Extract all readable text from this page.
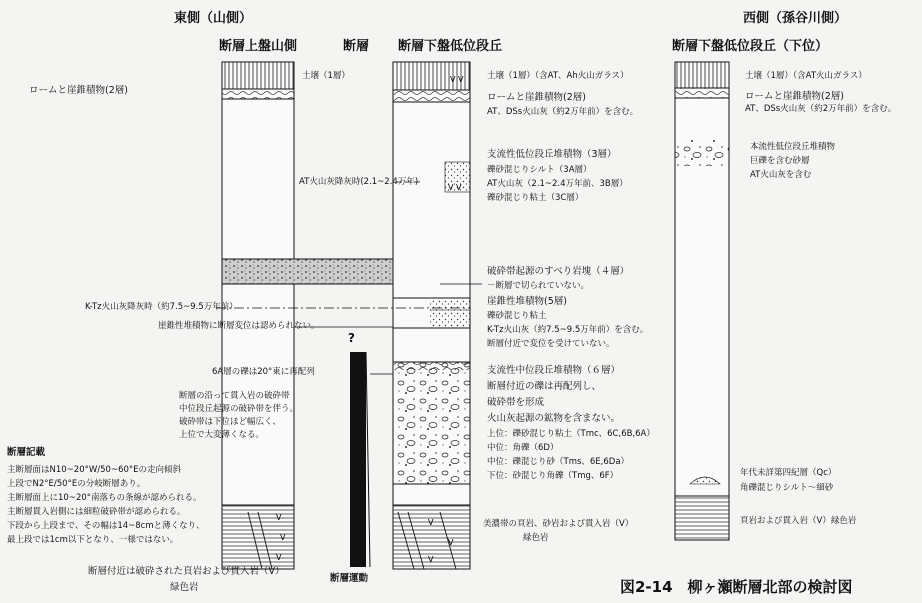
V
V
V
V V
V V
V
V
V
東側（山側）	西側（孫谷川側）
断層上盤山側	断層 断層下盤低位段丘	断層下盤低位段丘（下位）
ロームと崖錐積物(2層)
土壌（1層）
AT火山灰降灰時(2.1~2.4万年)
K-Tz火山灰降灰時（約7.5~9.5万年前）
崖錐性堆積物に断層変位は認められない。
?
6A層の礫は20°東に再配列
断層の沿って貫入岩の破砕帯
中位段丘起源の破砕帯を伴う。
破砕帯は下位ほど幅広く、
上位で大変薄くなる。
断層記載
主断層面はN10~20°W/50~60°Eの走向傾斜
上段でN2°E/50°Eの分岐断層あり。
主断層面上に10~20°南落ちの条線が認められる。
主断層貫入岩側には細粒破砕帯が認められる。
下段から上段まで、その幅は14~8cmと薄くなり、
最上段では1cm以下となり、一様ではない。
断層付近は破砕された頁岩および貫入岩（V）
緑色岩
断層運動
土壌（1層）（含AT、Ah火山ガラス）
ロームと崖錐積物(2層)
AT、DSs火山灰（約2万年前）を含む。
支流性低位段丘堆積物（3層）
礫砂混じりシルト（3A層）
AT火山灰（2.1~2.4万年前、3B層）
礫砂混じり粘土（3C層）
破砕帯起源のすべり岩塊（４層）
－断層で切られていない。
崖錐性堆積物(5層)
礫砂混じり粘土
K-Tz火山灰（約7.5~9.5万年前）を含む。
断層付近で変位を受けていない。
支流性中位段丘堆積物（６層）
断層付近の礫は再配列し、
破砕帯を形成
火山灰起源の鉱物を含まない。
上位：礫砂混じり粘土（Tmc、6C,6B,6A）
中位：角礫（6D）
中位：礫混じり砂（Tms、6E,6Da）
下位：砂混じり角礫（Tmg、6F）
美濃帯の頁岩、砂岩および貫入岩（V）
緑色岩
土壌（1層）（含AT火山ガラス）
ロームと崖錐積物(2層)
AT、DSs火山灰（約2万年前）を含む。
本流性低位段丘堆積物
巨礫を含む砂層
AT火山灰を含む
年代未詳第四紀層（Qc）
角礫混じりシルト～細砂
頁岩および貫入岩（V）緑色岩
図2-14　柳ヶ瀬断層北部の検討図
